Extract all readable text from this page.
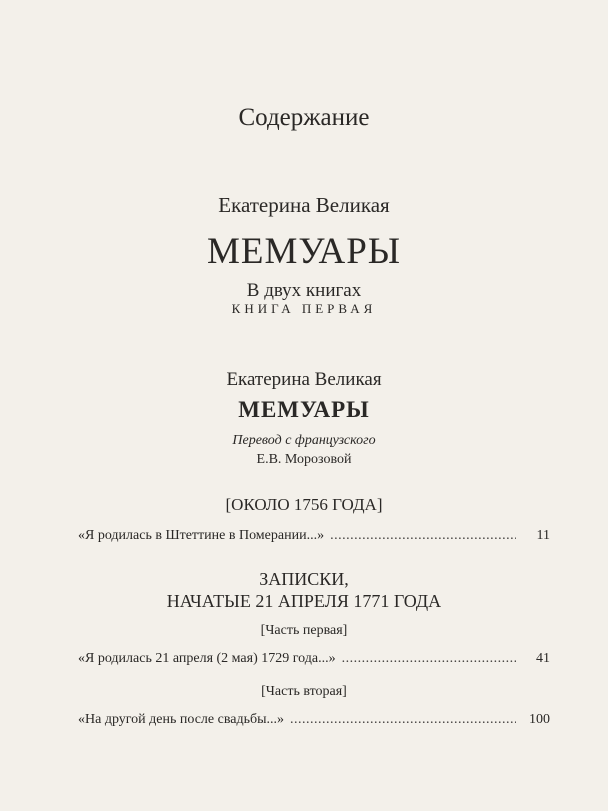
Содержание
Екатерина Великая
МЕМУАРЫ
В двух книгах
КНИГА ПЕРВАЯ
Екатерина Великая
МЕМУАРЫ
Перевод с французского
Е.В. Морозовой
[ОКОЛО 1756 ГОДА]
«Я родилась в Штеттине в Померании...» .....	11
ЗАПИСКИ,
НАЧАТЫЕ 21 АПРЕЛЯ 1771 ГОДА
[Часть первая]
«Я родилась 21 апреля (2 мая) 1729 года...» .....	41
[Часть вторая]
«На другой день после свадьбы...» .....	100
